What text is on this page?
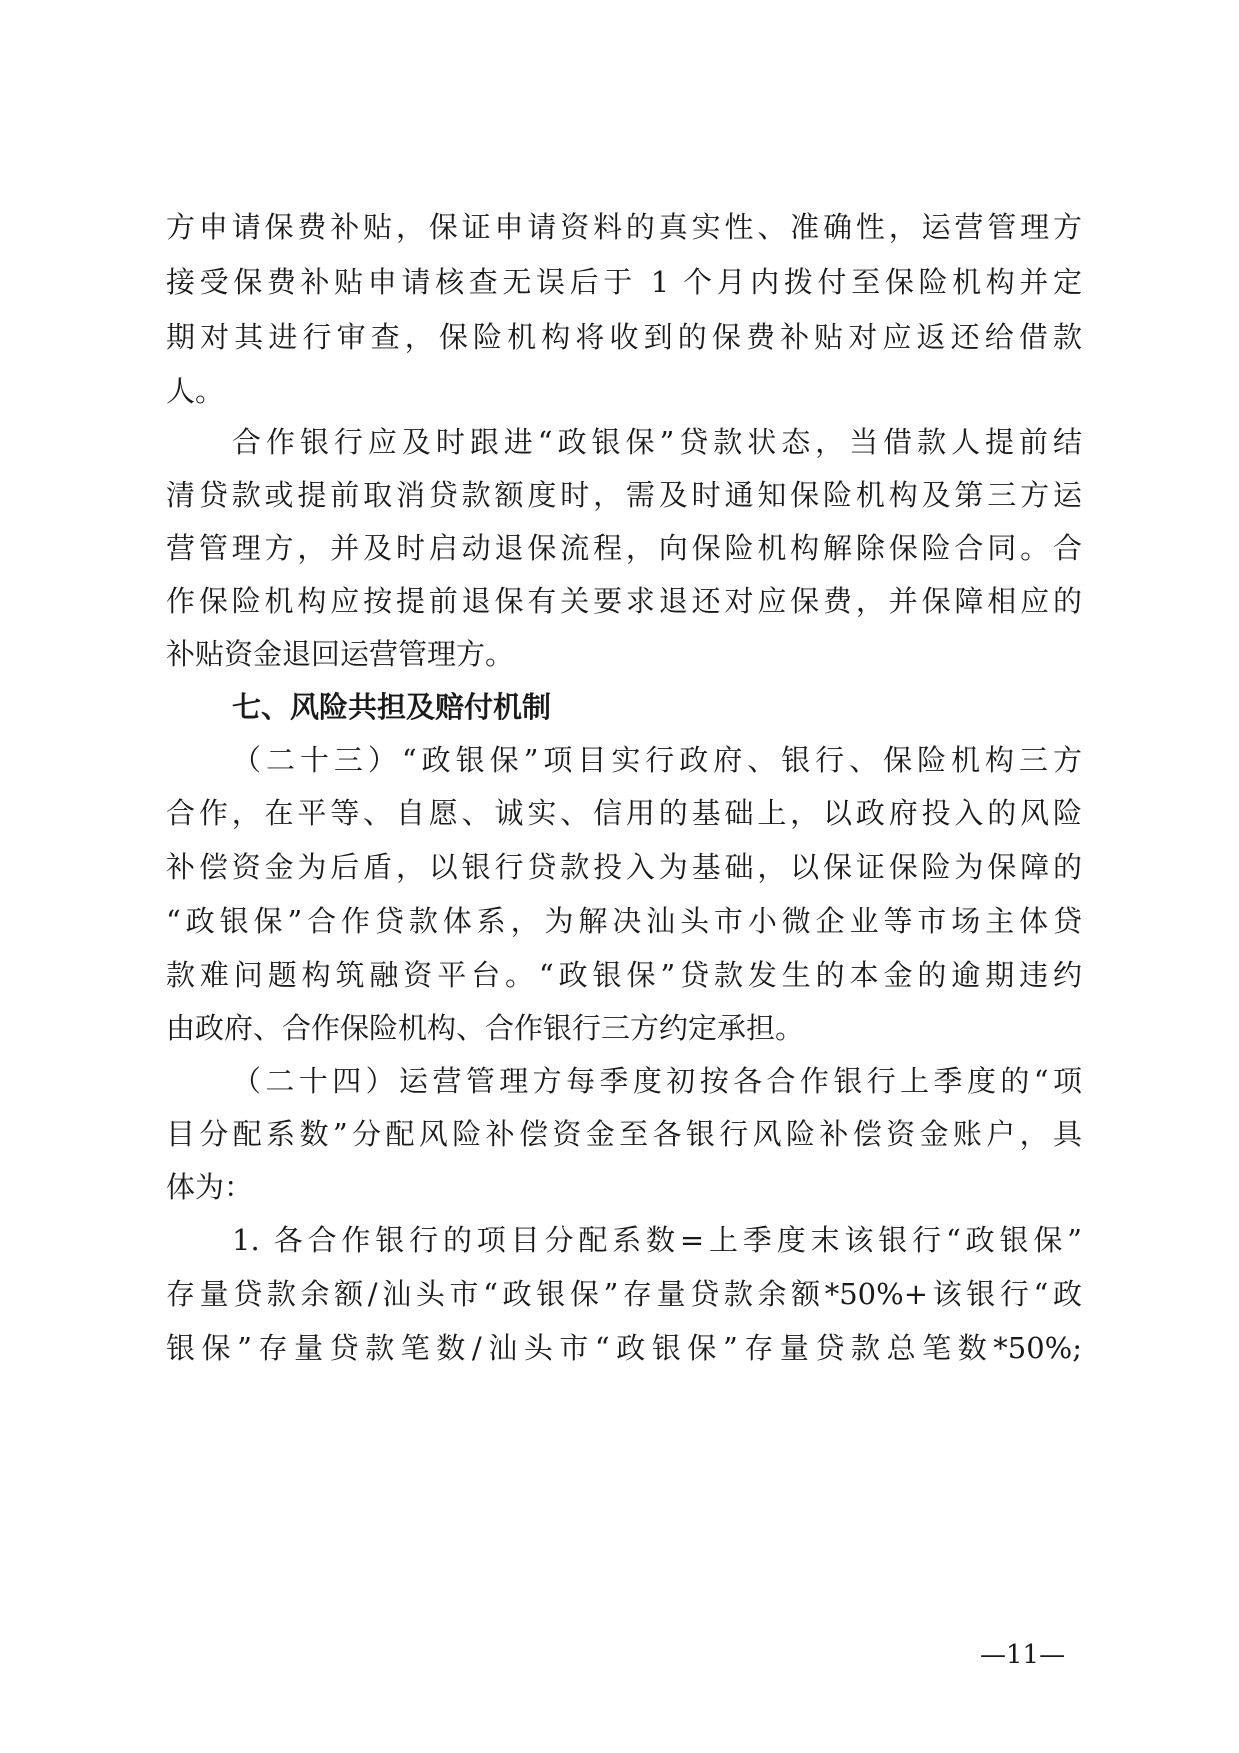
方申请保费补贴，保证申请资料的真实性、准确性，运营管理方
接受保费补贴申请核查无误后于 1 个月内拨付至保险机构并定
期对其进行审查，保险机构将收到的保费补贴对应返还给借款
人。
合作银行应及时跟进“政银保”贷款状态，当借款人提前结
清贷款或提前取消贷款额度时，需及时通知保险机构及第三方运
营管理方，并及时启动退保流程，向保险机构解除保险合同。合
作保险机构应按提前退保有关要求退还对应保费，并保障相应的
补贴资金退回运营管理方。
七、风险共担及赔付机制
（二十三）“政银保”项目实行政府、银行、保险机构三方
合作，在平等、自愿、诚实、信用的基础上，以政府投入的风险
补偿资金为后盾，以银行贷款投入为基础，以保证保险为保障的
“政银保”合作贷款体系，为解决汕头市小微企业等市场主体贷
款难问题构筑融资平台。“政银保”贷款发生的本金的逾期违约
由政府、合作保险机构、合作银行三方约定承担。
（二十四）运营管理方每季度初按各合作银行上季度的“项
目分配系数”分配风险补偿资金至各银行风险补偿资金账户，具
体为：
1. 各合作银行的项目分配系数=上季度末该银行“政银保”
存量贷款余额/汕头市“政银保”存量贷款余额*50%+该银行“政
银保”存量贷款笔数/汕头市“政银保”存量贷款总笔数*50%;
—11—
